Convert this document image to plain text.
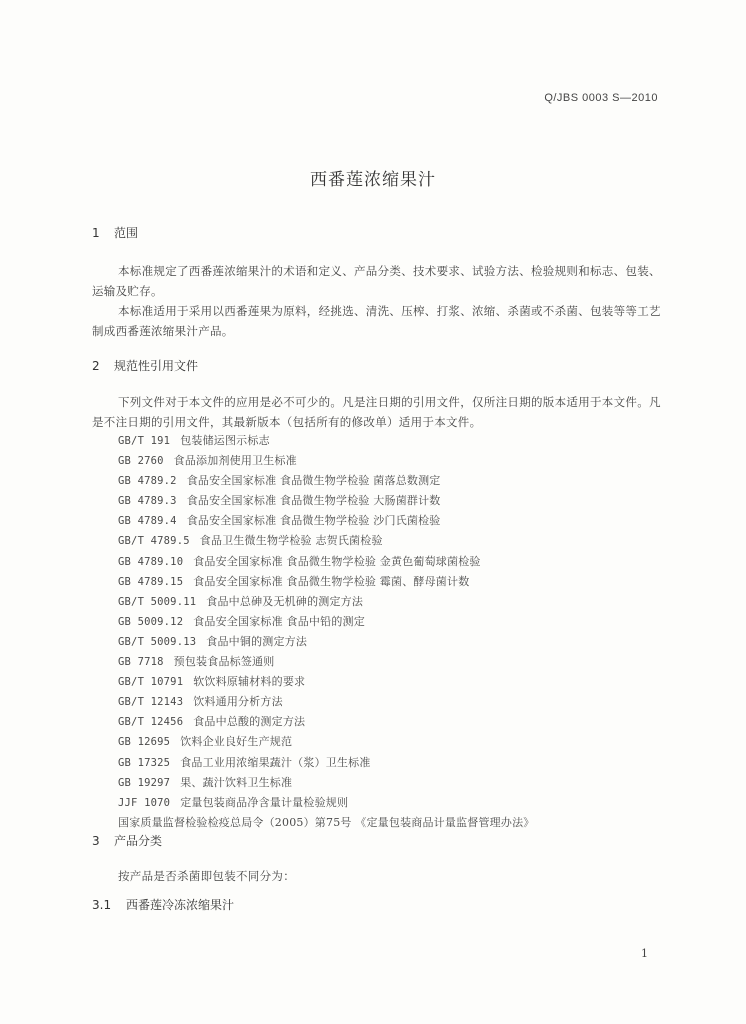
Q/JBS 0003 S—2010
西番莲浓缩果汁
1 范围
本标准规定了西番莲浓缩果汁的术语和定义、产品分类、技术要求、试验方法、检验规则和标志、包装、运输及贮存。
本标准适用于采用以西番莲果为原料，经挑选、清洗、压榨、打浆、浓缩、杀菌或不杀菌、包装等等工艺制成西番莲浓缩果汁产品。
2 规范性引用文件
下列文件对于本文件的应用是必不可少的。凡是注日期的引用文件，仅所注日期的版本适用于本文件。凡是不注日期的引用文件，其最新版本（包括所有的修改单）适用于本文件。
GB/T 191 包装储运图示标志
GB 2760 食品添加剂使用卫生标准
GB 4789.2 食品安全国家标准 食品微生物学检验 菌落总数测定
GB 4789.3 食品安全国家标准 食品微生物学检验 大肠菌群计数
GB 4789.4 食品安全国家标准 食品微生物学检验 沙门氏菌检验
GB/T 4789.5 食品卫生微生物学检验 志贺氏菌检验
GB 4789.10 食品安全国家标准 食品微生物学检验 金黄色葡萄球菌检验
GB 4789.15 食品安全国家标准 食品微生物学检验 霉菌、酵母菌计数
GB/T 5009.11 食品中总砷及无机砷的测定方法
GB 5009.12 食品安全国家标准 食品中铅的测定
GB/T 5009.13 食品中铜的测定方法
GB 7718 预包装食品标签通则
GB/T 10791 软饮料原辅材料的要求
GB/T 12143 饮料通用分析方法
GB/T 12456 食品中总酸的测定方法
GB 12695 饮料企业良好生产规范
GB 17325 食品工业用浓缩果蔬汁（浆）卫生标准
GB 19297 果、蔬汁饮料卫生标准
JJF 1070 定量包装商品净含量计量检验规则
国家质量监督检验检疫总局令（2005）第75号 《定量包装商品计量监督管理办法》
3 产品分类
按产品是否杀菌即包装不同分为：
3.1 西番莲冷冻浓缩果汁
1
